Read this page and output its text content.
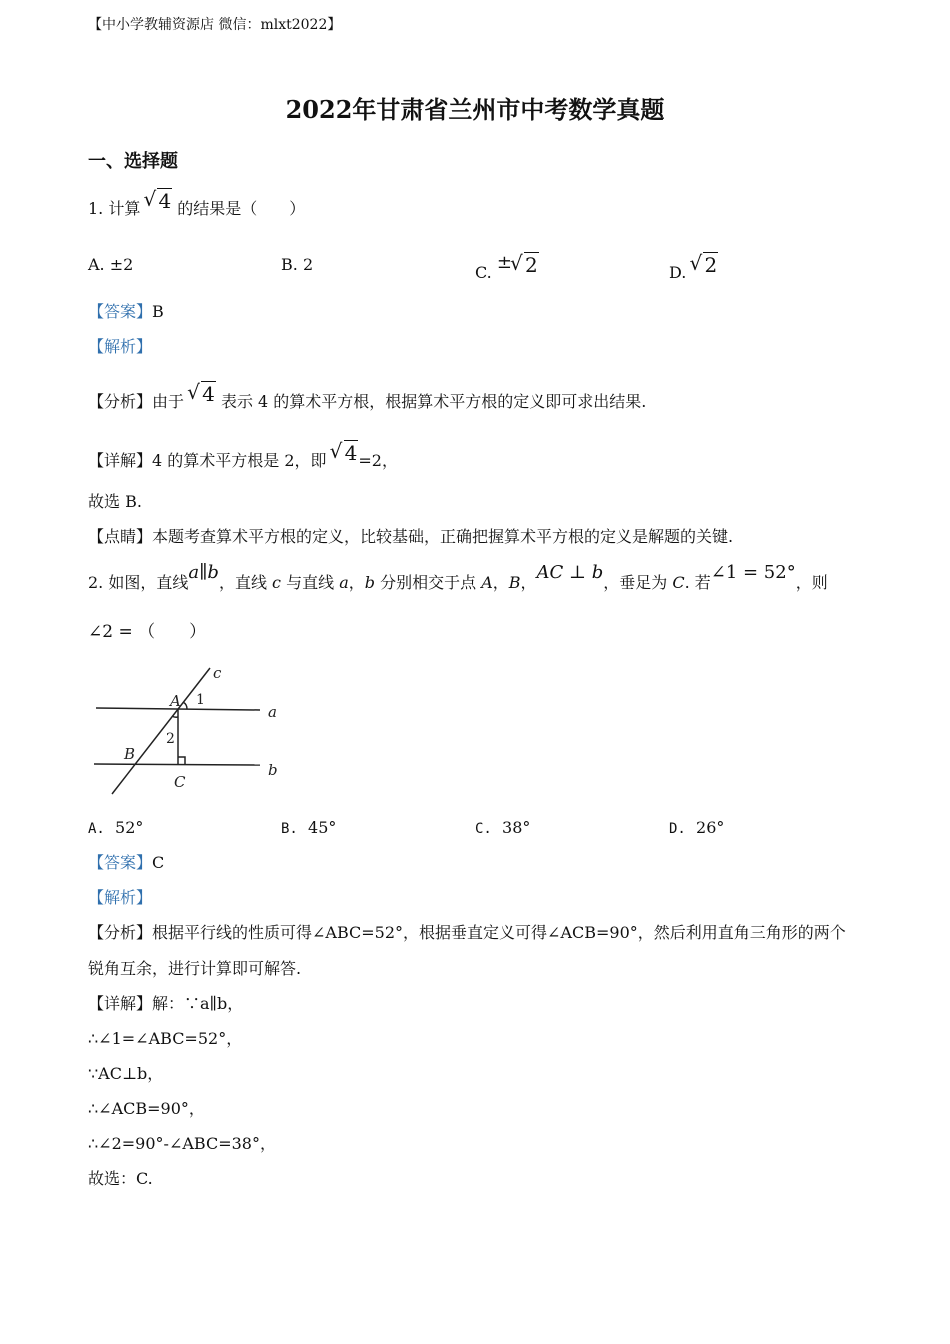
【中小学教辅资源店 微信：mlxt2022】
2022年甘肃省兰州市中考数学真题
一、选择题
1. 计算 √ 4 的结果是（　　）
A. ±2	B. 2	C. ± √ 2	D. √ 2
【答案】B
【解析】
【分析】由于 √ 4 表示 4 的算术平方根，根据算术平方根的定义即可求出结果.
【详解】4 的算术平方根是 2，即 √ 4=2，
故选 B.
【点睛】本题考查算术平方根的定义，比较基础，正确把握算术平方根的定义是解题的关键.
2. 如图，直线a∥b，直线 c 与直线 a，b 分别相交于点 A，B，AC ⊥ b，垂足为 C. 若∠1 = 52°，则
∠2 = （　　）
c
a
b
A
B
C
1
2
A. 52°	B. 45°	C. 38°	D. 26°
【答案】C
【解析】
【分析】根据平行线的性质可得∠ABC=52°，根据垂直定义可得∠ACB=90°，然后利用直角三角形的两个
锐角互余，进行计算即可解答.
【详解】解：∵a∥b，
∴∠1=∠ABC=52°，
∵AC⊥b，
∴∠ACB=90°，
∴∠2=90°-∠ABC=38°，
故选：C.
